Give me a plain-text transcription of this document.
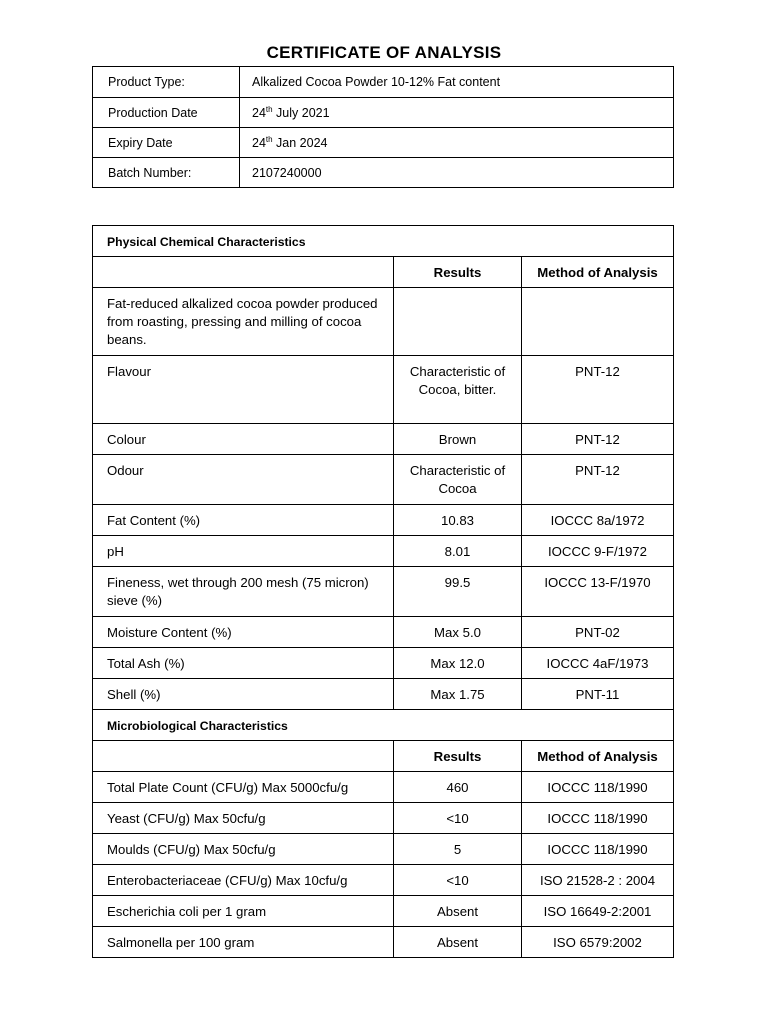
CERTIFICATE OF ANALYSIS
Product Type:	Alkalized Cocoa Powder 10-12% Fat content
Production Date	24th July 2021
Expiry Date	24th Jan 2024
Batch Number:	2107240000
Physical Chemical Characteristics		
	Results	Method of Analysis
Fat-reduced alkalized cocoa powder produced from roasting, pressing and milling of cocoa beans.		
Flavour	Characteristic of Cocoa, bitter.	PNT-12
Colour	Brown	PNT-12
Odour	Characteristic of Cocoa	PNT-12
Fat Content (%)	10.83	IOCCC 8a/1972
pH	8.01	IOCCC 9-F/1972
Fineness, wet through 200 mesh (75 micron) sieve (%)	99.5	IOCCC 13-F/1970
Moisture Content (%)	Max 5.0	PNT-02
Total Ash (%)	Max 12.0	IOCCC 4aF/1973
Shell (%)	Max 1.75	PNT-11
Microbiological Characteristics		
	Results	Method of Analysis
Total Plate Count (CFU/g) Max 5000cfu/g	460	IOCCC 118/1990
Yeast (CFU/g) Max 50cfu/g	<10	IOCCC 118/1990
Moulds (CFU/g) Max 50cfu/g	5	IOCCC 118/1990
Enterobacteriaceae (CFU/g) Max 10cfu/g	<10	ISO 21528-2 : 2004
Escherichia coli per 1 gram	Absent	ISO 16649-2:2001
Salmonella per 100 gram	Absent	ISO 6579:2002
